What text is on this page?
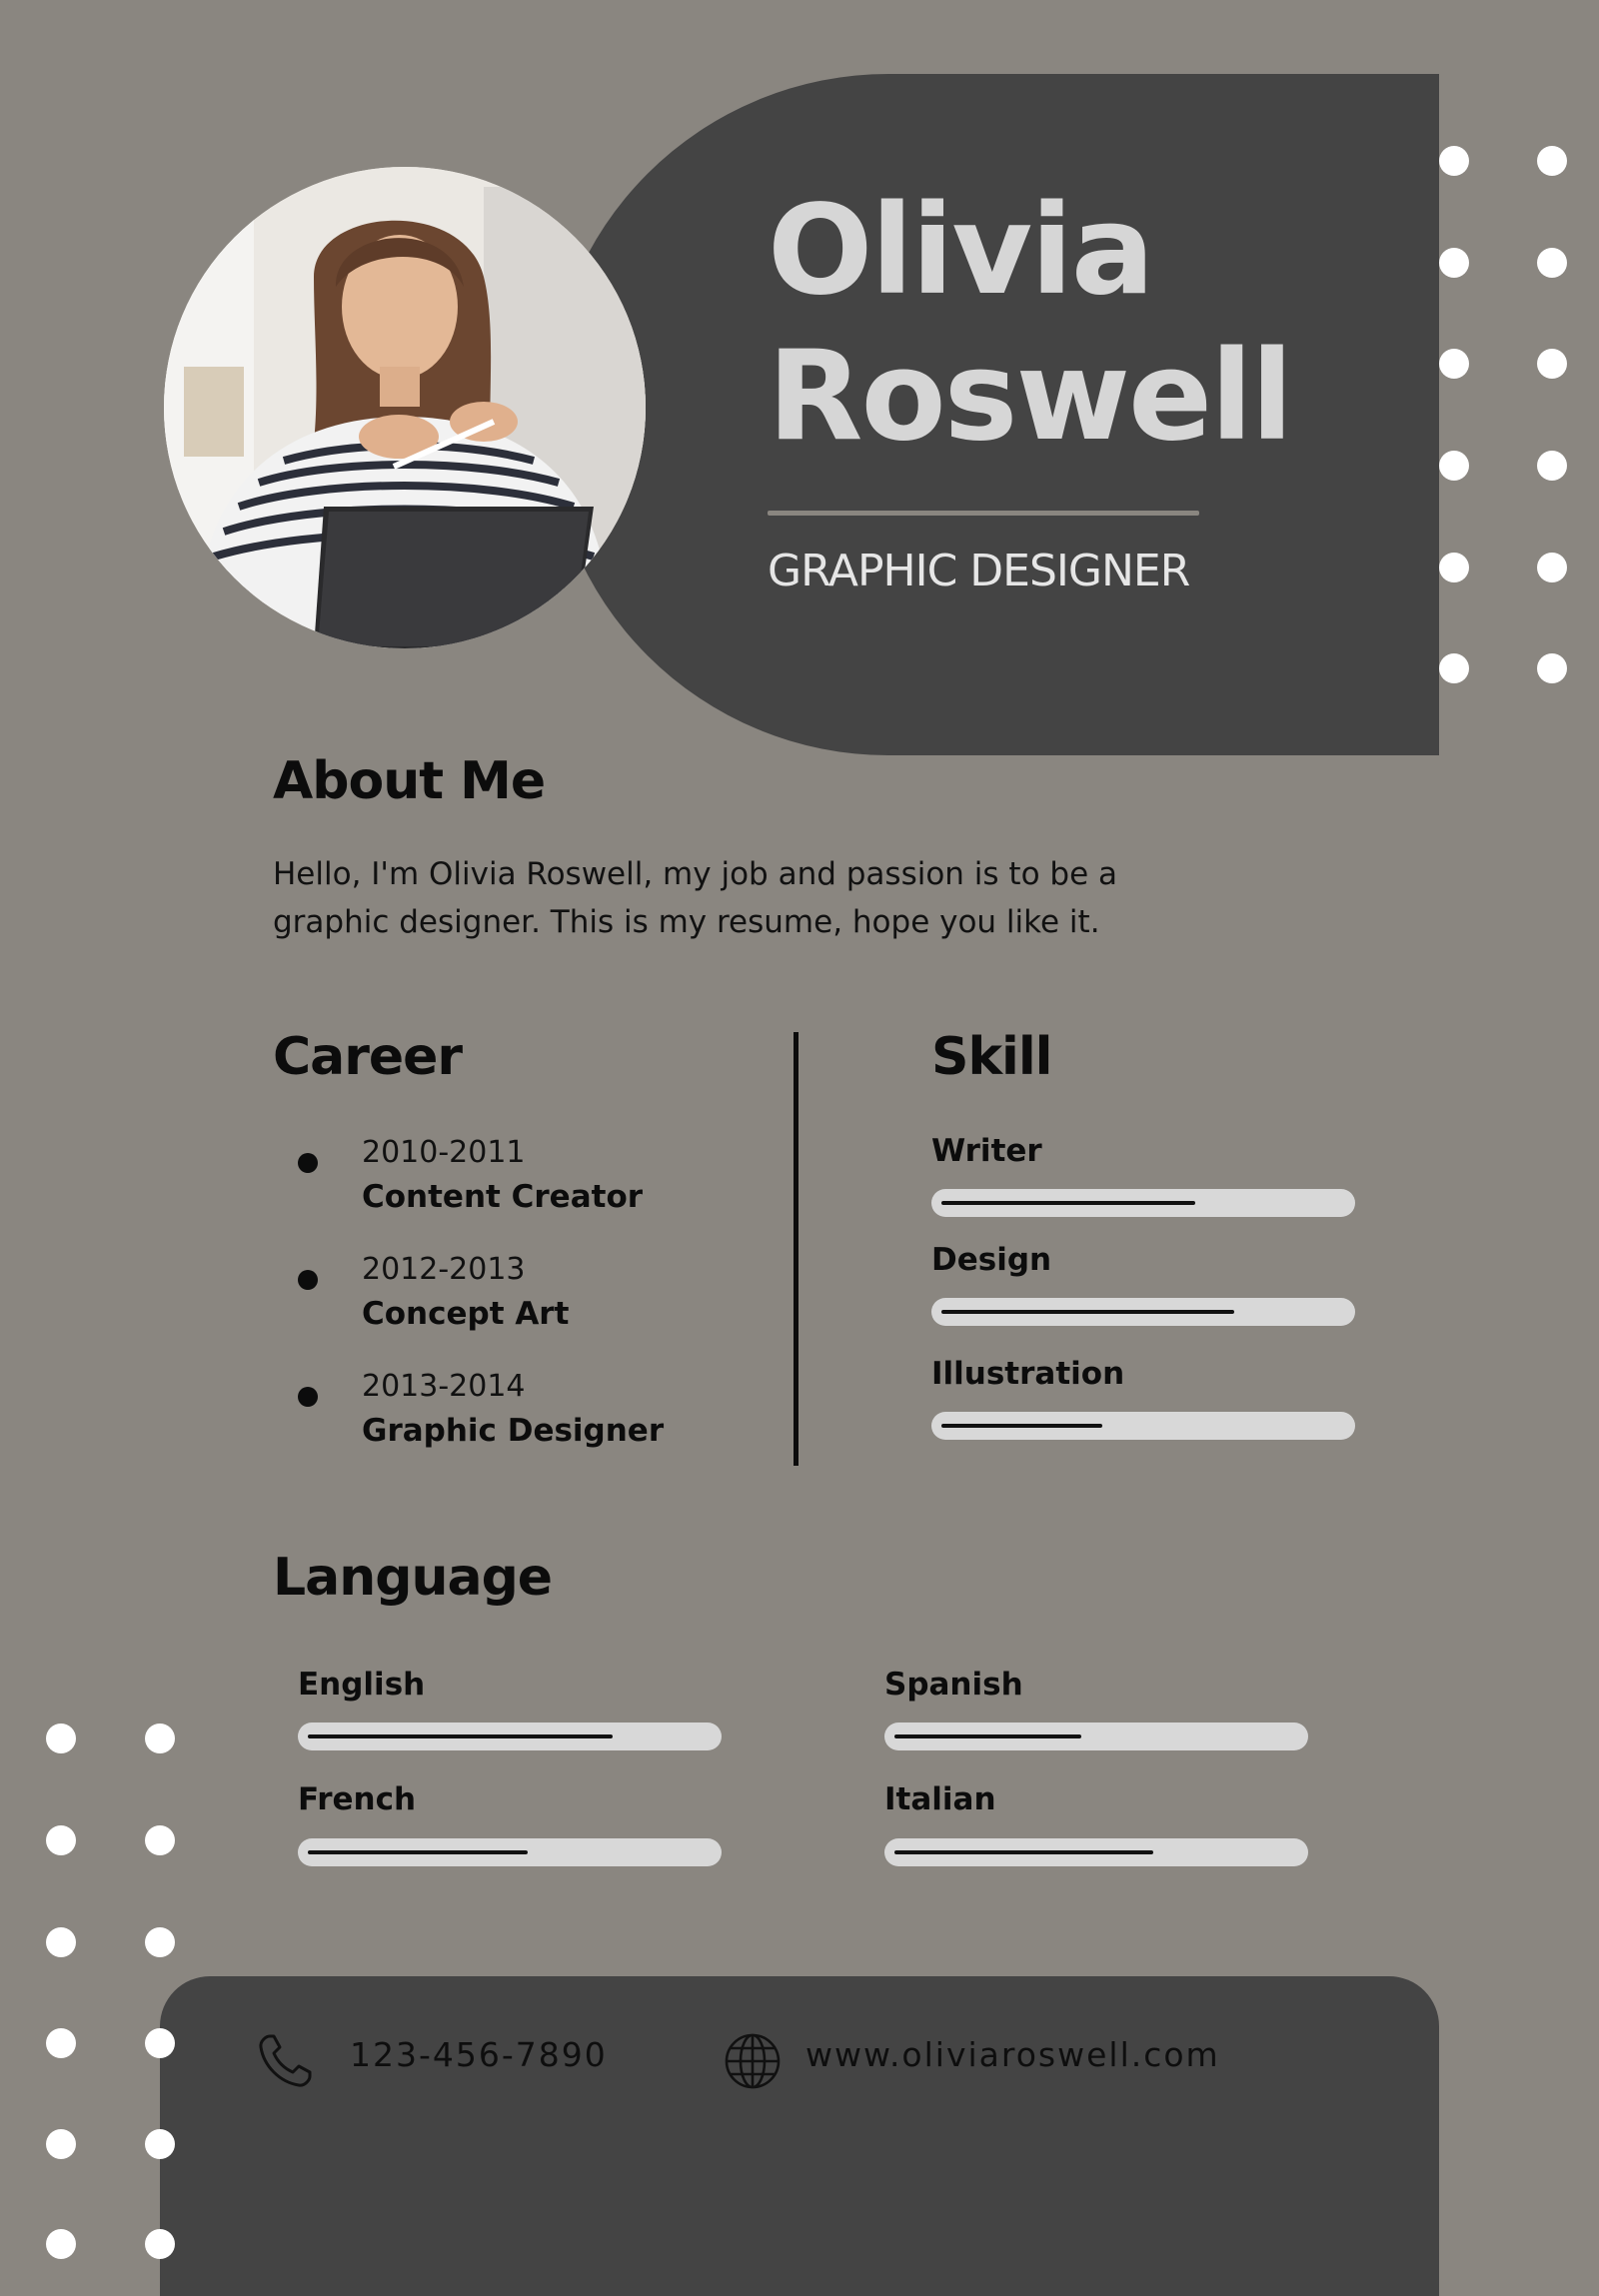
Olivia
Roswell
GRAPHIC DESIGNER
About Me
Hello, I'm Olivia Roswell, my job and passion is to be a
graphic designer. This is my resume, hope you like it.
Career
2010-2011
Content Creator
2012-2013
Concept Art
2013-2014
Graphic Designer
Skill
Writer
Design
Illustration
Language
English	Spanish
French	Italian
123-456-7890	www.oliviaroswell.com
